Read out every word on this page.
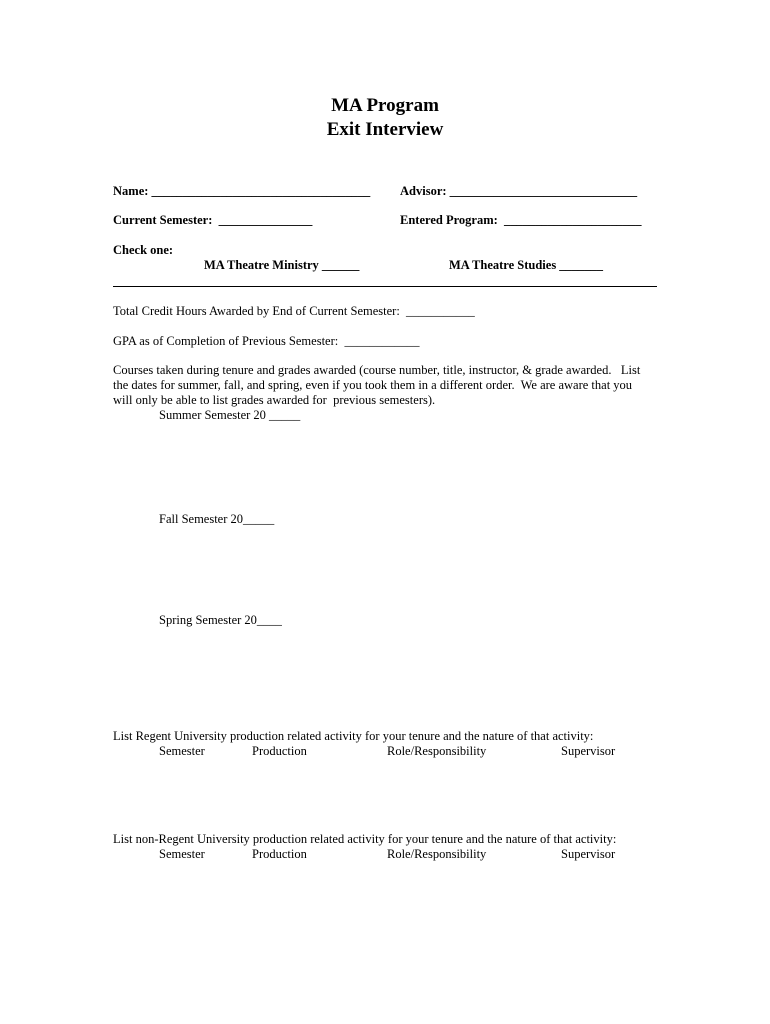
MA Program
Exit Interview
Name: ___________________________________ Advisor: ______________________________
Current Semester:  _______________	Entered Program:  ______________________
Check one:
MA Theatre Ministry ______	MA Theatre Studies _______
Total Credit Hours Awarded by End of Current Semester:  ___________
GPA as of Completion of Previous Semester:  ____________
Courses taken during tenure and grades awarded (course number, title, instructor, & grade awarded.   List
the dates for summer, fall, and spring, even if you took them in a different order.  We are aware that you
will only be able to list grades awarded for  previous semesters).
Summer Semester 20 _____
Fall Semester 20_____
Spring Semester 20____
List Regent University production related activity for your tenure and the nature of that activity:
Semester	Production	Role/Responsibility	Supervisor
List non-Regent University production related activity for your tenure and the nature of that activity:
Semester	Production	Role/Responsibility	Supervisor
